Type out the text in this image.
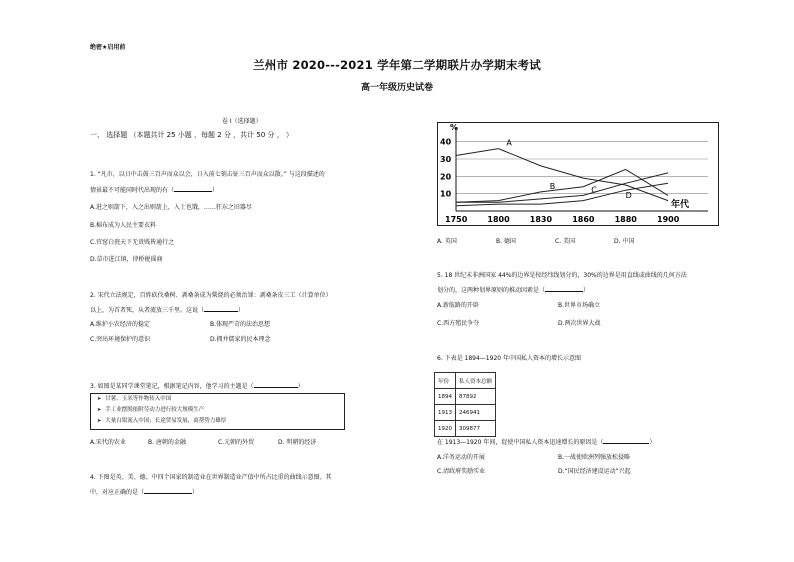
绝密★启用前
兰州市 2020---2021 学年第二学期联片办学期末考试
高一年级历史试卷
卷 I（选择题）
一、 选择题 （本题共计 25 小题 ，每题 2 分 ，共计 50 分 ， ）
1. “凡市，以日中击鼓三百声而众以会，日入前七刻击钲三百声而众以散。” 与这段描述的
情景最不可能同时代出现的有（	）
A.进之则箭下，入之出则箭上，入士也饿，……狂东之田器尽
B.棉布成为人民主要衣料
C.官窑白瓷天下无贵贱皆通行之
D.草市进江镇，律桥税徭商
2. 宋代立法规定，百姓砍伐桑树、剥桑条成为柴烧的必须治罪：剥桑条皮三工（计算单位）
以上，为首者死，从者流放三千里。这说（	）
A.维护小农经济的稳定	B.体现严苛的法治思想
C.突出环境保护的意识	D.拥并儒家的民本理念
3. 如图是某同学课堂笔记，根据笔记内容，他学习的主题是（	）
➤ 甘薯、玉米等作物传入中国
➤ 手工业摆脱依附劳动力进行较大规模生产
➤ 大量白银流入中国；长途贸易发展，商帮势力雄厚
A.宋代的农业	B. 唐朝的金融	C.元朝的外贸	D. 明朝的经济
4. 下图是英、美、德、中四个国家的制造业在世界制造业产值中所占比重的曲线示意图。其
中，对应正确的是（	）
10
20
30
40
%
1750	1800	1830	1860	1880	1900
年代
A
B	C
D
A. 英国	B. 德国	C. 美国	D. 中国
5. 18 世纪末非洲国家 44%的边界是按经纬线划分的，30%的边界是用直线或曲线的几何方法
划分的，这两种划界原则的推动因素是（	）
A.新航路的开辟	B.世界市场确立
C.西方殖民争夺	D.两次世界大战
6. 下表是 1894—1920 年中国私人资本的增长示意图
年份	私人资本总额
1894	87892
1913	246941
1920	309877
在 1913—1920 年间，促使中国私人资本迅速增长的原因是（	）
A.洋务运动的开展	B.一战使欧洲列强放松侵略
C.清政府奖励实业	D.“国民经济建设运动”兴起
